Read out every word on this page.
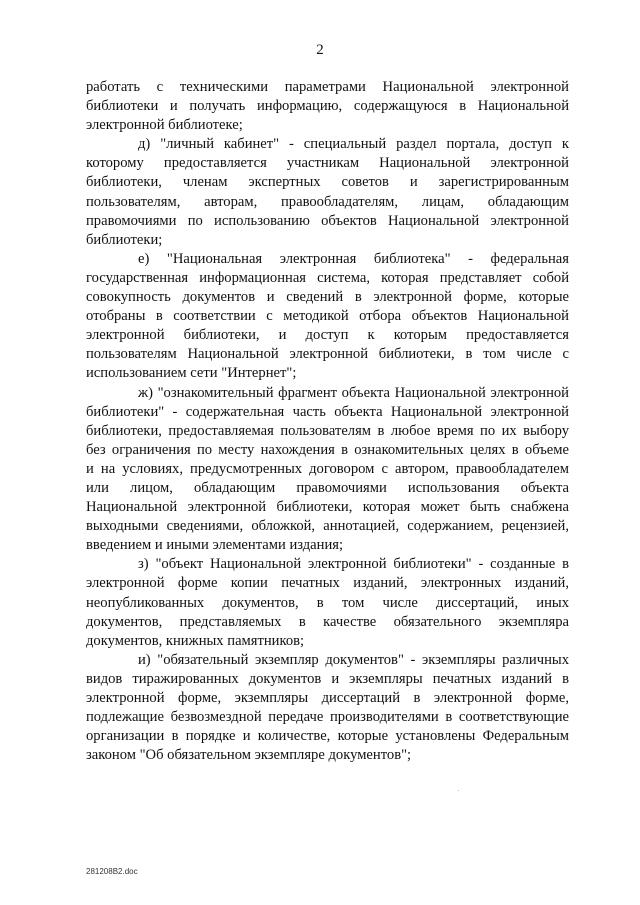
2
работать с техническими параметрами Национальной электронной
библиотеки и получать информацию, содержащуюся в Национальной
электронной библиотеке;
д) "личный кабинет" - специальный раздел портала, доступ к
которому предоставляется участникам Национальной электронной
библиотеки, членам экспертных советов и зарегистрированным
пользователям, авторам, правообладателям, лицам, обладающим
правомочиями по использованию объектов Национальной электронной
библиотеки;
е) "Национальная электронная библиотека" - федеральная
государственная информационная система, которая представляет собой
совокупность документов и сведений в электронной форме, которые
отобраны в соответствии с методикой отбора объектов Национальной
электронной библиотеки, и доступ к которым предоставляется
пользователям Национальной электронной библиотеки, в том числе с
использованием сети "Интернет";
ж) "ознакомительный фрагмент объекта Национальной электронной
библиотеки" - содержательная часть объекта Национальной электронной
библиотеки, предоставляемая пользователям в любое время по их выбору
без ограничения по месту нахождения в ознакомительных целях в объеме
и на условиях, предусмотренных договором с автором, правообладателем
или лицом, обладающим правомочиями использования объекта
Национальной электронной библиотеки, которая может быть снабжена
выходными сведениями, обложкой, аннотацией, содержанием, рецензией,
введением и иными элементами издания;
з) "объект Национальной электронной библиотеки" - созданные в
электронной форме копии печатных изданий, электронных изданий,
неопубликованных документов, в том числе диссертаций, иных
документов, представляемых в качестве обязательного экземпляра
документов, книжных памятников;
и) "обязательный экземпляр документов" - экземпляры различных
видов тиражированных документов и экземпляры печатных изданий в
электронной форме, экземпляры диссертаций в электронной форме,
подлежащие безвозмездной передаче производителями в соответствующие
организации в порядке и количестве, которые установлены Федеральным
законом "Об обязательном экземпляре документов";
281208B2.doc
